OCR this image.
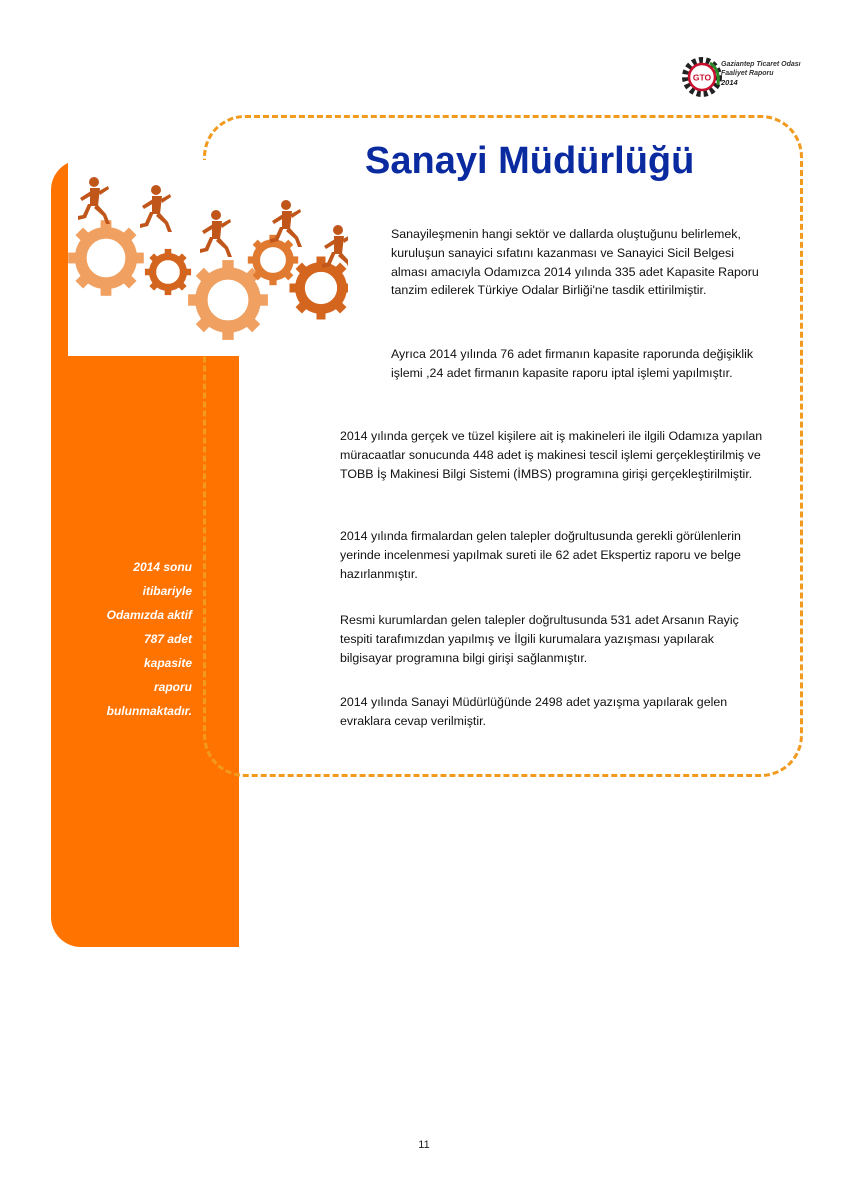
GTO
Gaziantep Ticaret Odası
Faaliyet Raporu
2014
Sanayi Müdürlüğü
Sanayileşmenin hangi sektör ve dallarda oluştuğunu belirlemek, kuruluşun sanayici sıfatını kazanması ve Sanayici Sicil Belgesi alması amacıyla Odamızca 2014 yılında 335 adet Kapasite Raporu tanzim edilerek Türkiye Odalar Birliği'ne tasdik ettirilmiştir.
Ayrıca 2014 yılında 76 adet firmanın kapasite raporunda değişiklik işlemi ,24 adet firmanın kapasite raporu iptal işlemi yapılmıştır.
2014 yılında gerçek ve tüzel kişilere ait iş makineleri ile ilgili Odamıza yapılan müracaatlar sonucunda 448 adet iş makinesi tescil işlemi gerçekleştirilmiş ve TOBB İş Makinesi Bilgi Sistemi (İMBS) programına girişi gerçekleştirilmiştir.
2014 yılında firmalardan gelen talepler doğrultusunda gerekli görülenlerin yerinde incelenmesi yapılmak sureti ile 62 adet Ekspertiz raporu ve belge hazırlanmıştır.
Resmi kurumlardan gelen talepler doğrultusunda 531 adet Arsanın Rayiç tespiti tarafımızdan yapılmış ve İlgili kurumalara yazışması yapılarak bilgisayar programına bilgi girişi sağlanmıştır.
2014 yılında Sanayi Müdürlüğünde 2498 adet yazışma yapılarak gelen evraklara cevap verilmiştir.
2014 sonu
itibariyle
Odamızda aktif
787 adet
kapasite
raporu
bulunmaktadır.
11
